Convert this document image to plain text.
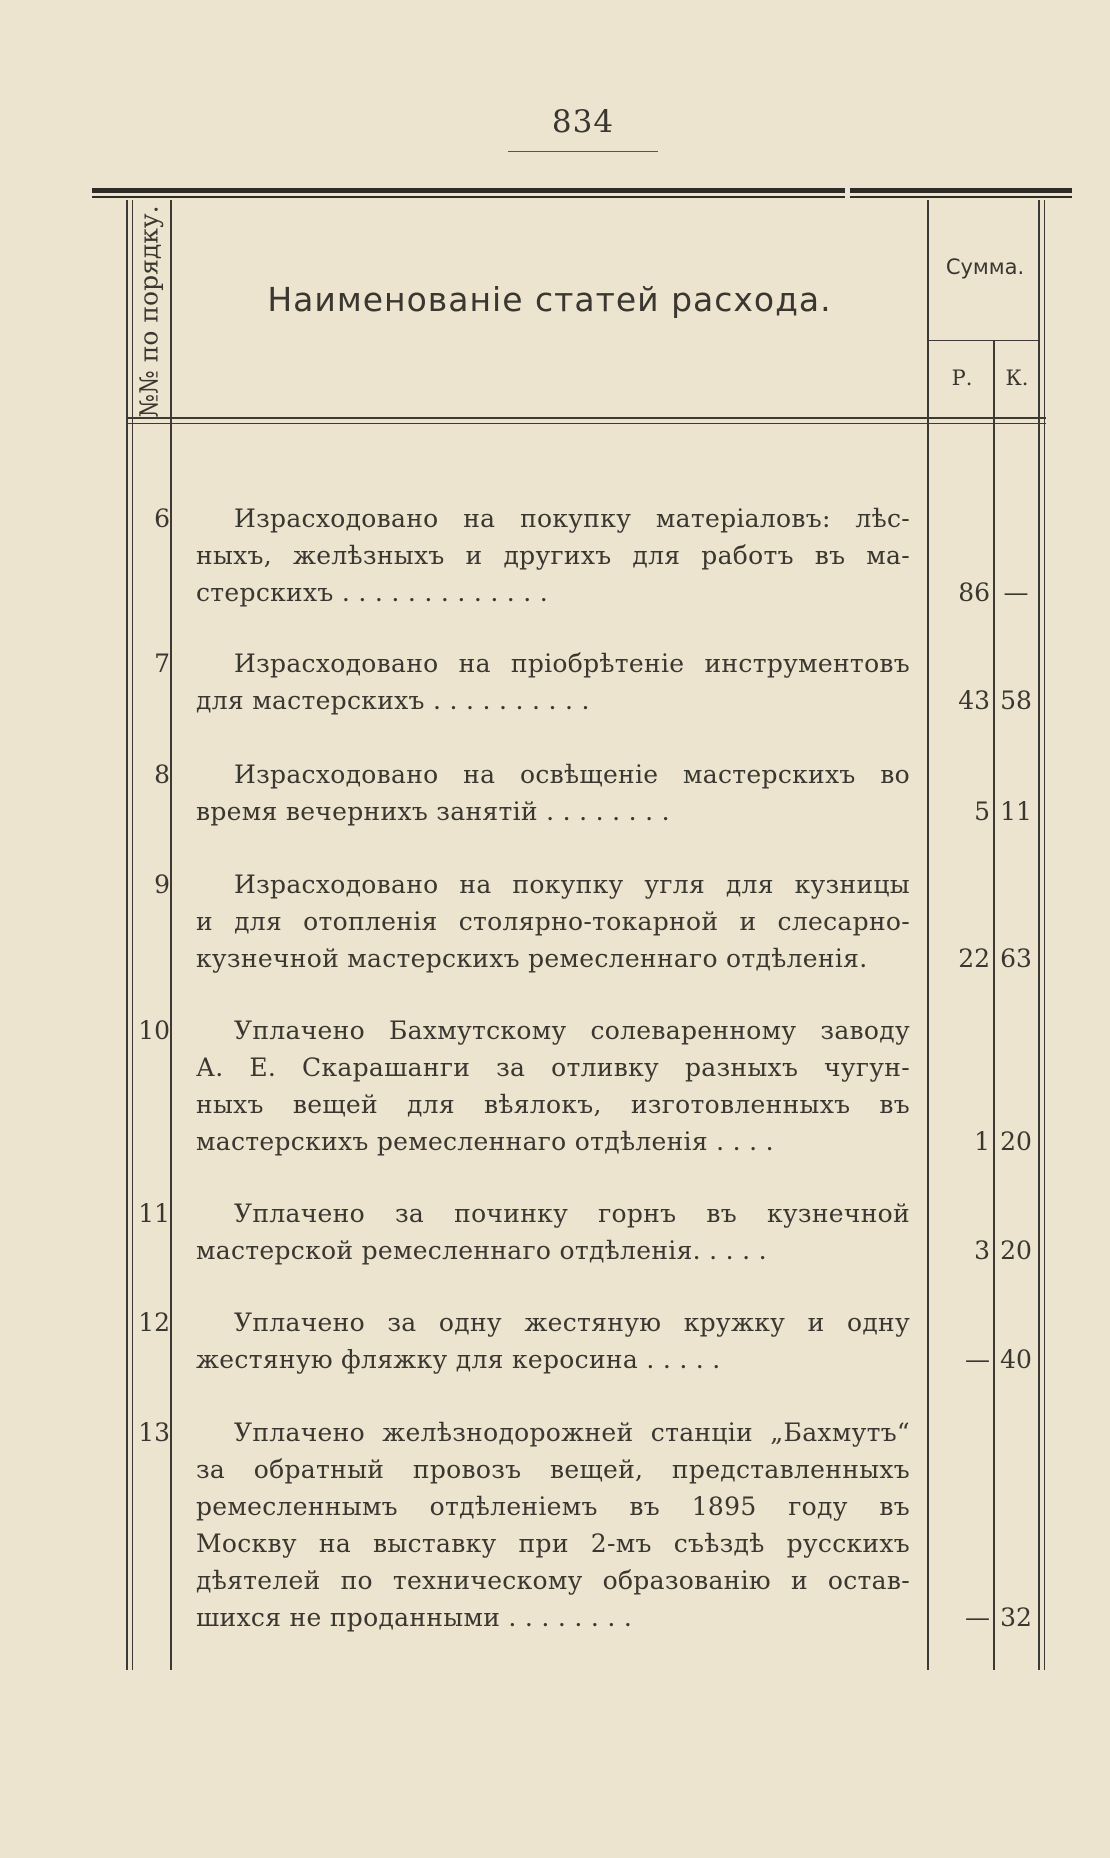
834
№№ по порядку.	Наименованіе статей расхода.
Сумма.
Р.	К.
6	Израсходовано на покупку матеріаловъ: лѣс-
ныхъ, желѣзныхъ и другихъ для работъ въ ма-
стерскихъ . . . . . . . . . . . . .	86 —
7	Израсходовано на пріобрѣтеніе инструментовъ
для мастерскихъ . . . . . . . . . .	43 58
8	Израсходовано на освѣщеніе мастерскихъ во
время вечернихъ занятій . . . . . . . .	5 11
9	Израсходовано на покупку угля для кузницы
и для отопленія столярно-токарной и слесарно-
кузнечной мастерскихъ ремесленнаго отдѣленія.	22 63
10	Уплачено Бахмутскому солеваренному заводу
А. Е. Скарашанги за отливку разныхъ чугун-
ныхъ вещей для вѣялокъ, изготовленныхъ въ
мастерскихъ ремесленнаго отдѣленія . . . .	1 20
11	Уплачено за починку горнъ въ кузнечной
мастерской ремесленнаго отдѣленія. . . . .	3 20
12	Уплачено за одну жестяную кружку и одну
жестяную фляжку для керосина . . . . .	— 40
13	Уплачено желѣзнодорожней станціи „Бахмутъ“
за обратный провозъ вещей, представленныхъ
ремесленнымъ отдѣленіемъ въ 1895 году въ
Москву на выставку при 2-мъ съѣздѣ русскихъ
дѣятелей по техническому образованію и остав-
шихся не проданными . . . . . . . .	— 32
